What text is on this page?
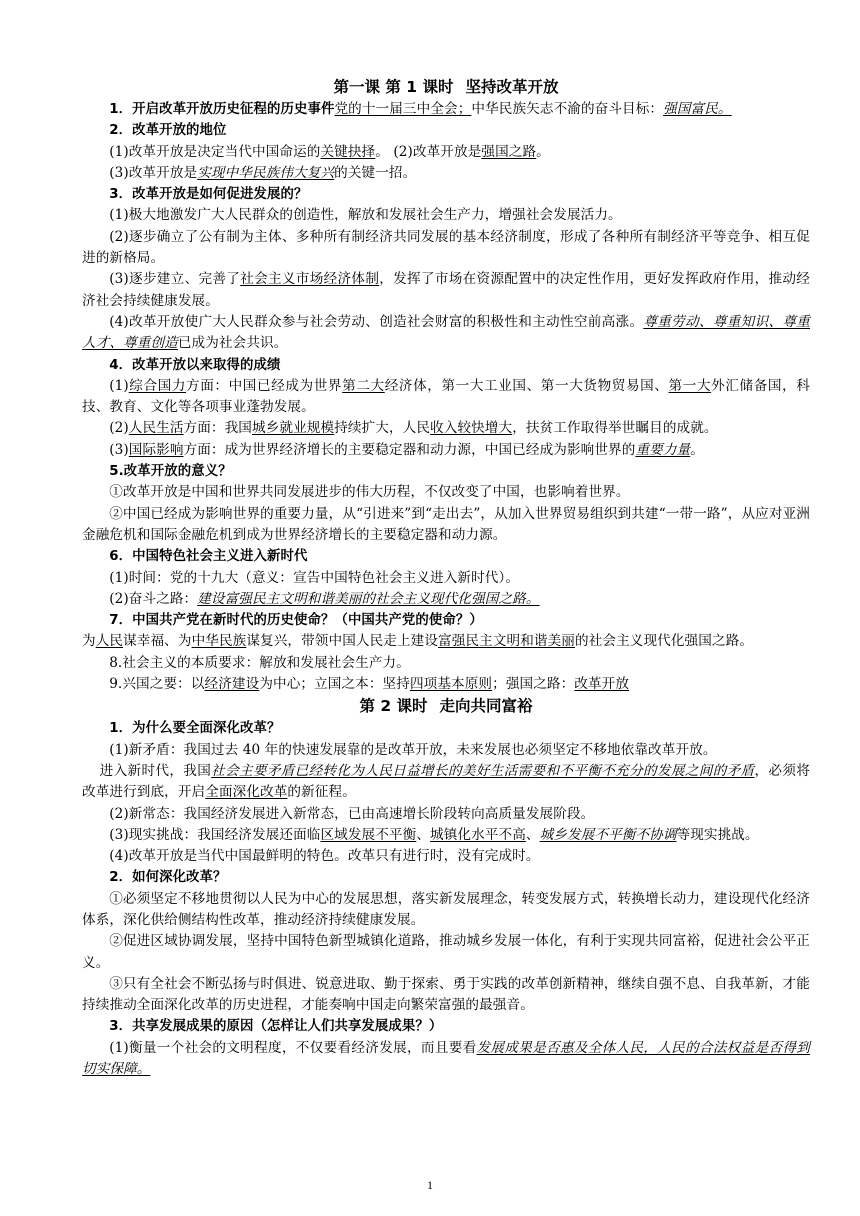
第一课 第 1 课时 坚持改革开放

1．开启改革开放历史征程的历史事件党的十一届三中全会；中华民族矢志不渝的奋斗目标：强国富民。

2．改革开放的地位

(1)改革开放是决定当代中国命运的关键抉择。 (2)改革开放是强国之路。

(3)改革开放是实现中华民族伟大复兴的关键一招。

3．改革开放是如何促进发展的？

(1)极大地激发广大人民群众的创造性，解放和发展社会生产力，增强社会发展活力。

(2)逐步确立了公有制为主体、多种所有制经济共同发展的基本经济制度，形成了各种所有制经济平等竞争、相互促进的新格局。

(3)逐步建立、完善了社会主义市场经济体制，发挥了市场在资源配置中的决定性作用，更好发挥政府作用，推动经济社会持续健康发展。

(4)改革开放使广大人民群众参与社会劳动、创造社会财富的积极性和主动性空前高涨。尊重劳动、尊重知识、尊重人才、尊重创造已成为社会共识。

4．改革开放以来取得的成绩

(1)综合国力方面：中国已经成为世界第二大经济体，第一大工业国、第一大货物贸易国、第一大外汇储备国，科技、教育、文化等各项事业蓬勃发展。

(2)人民生活方面：我国城乡就业规模持续扩大，人民收入较快增大，扶贫工作取得举世瞩目的成就。

(3)国际影响方面：成为世界经济增长的主要稳定器和动力源，中国已经成为影响世界的重要力量。

5.改革开放的意义？

①改革开放是中国和世界共同发展进步的伟大历程，不仅改变了中国，也影响着世界。

②中国已经成为影响世界的重要力量，从“引进来”到“走出去”，从加入世界贸易组织到共建“一带一路”，从应对亚洲金融危机和国际金融危机到成为世界经济增长的主要稳定器和动力源。

6．中国特色社会主义进入新时代

(1)时间：党的十九大（意义：宣告中国特色社会主义进入新时代）。

(2)奋斗之路：建设富强民主文明和谐美丽的社会主义现代化强国之路。

7．中国共产党在新时代的历史使命？（中国共产党的使命？）

为人民谋幸福、为中华民族谋复兴，带领中国人民走上建设富强民主文明和谐美丽的社会主义现代化强国之路。

8.社会主义的本质要求：解放和发展社会生产力。

9.兴国之要：以经济建设为中心；立国之本：坚持四项基本原则；强国之路：改革开放

第 2 课时 走向共同富裕

1．为什么要全面深化改革？

(1)新矛盾：我国过去 40 年的快速发展靠的是改革开放，未来发展也必须坚定不移地依靠改革开放。

进入新时代，我国社会主要矛盾已经转化为人民日益增长的美好生活需要和不平衡不充分的发展之间的矛盾，必须将改革进行到底，开启全面深化改革的新征程。

(2)新常态：我国经济发展进入新常态，已由高速增长阶段转向高质量发展阶段。

(3)现实挑战：我国经济发展还面临区域发展不平衡、城镇化水平不高、城乡发展不平衡不协调等现实挑战。

(4)改革开放是当代中国最鲜明的特色。改革只有进行时，没有完成时。

2．如何深化改革？

①必须坚定不移地贯彻以人民为中心的发展思想，落实新发展理念，转变发展方式，转换增长动力，建设现代化经济体系，深化供给侧结构性改革，推动经济持续健康发展。

②促进区域协调发展，坚持中国特色新型城镇化道路，推动城乡发展一体化，有利于实现共同富裕，促进社会公平正义。

③只有全社会不断弘扬与时俱进、锐意进取、勤于探索、勇于实践的改革创新精神，继续自强不息、自我革新，才能持续推动全面深化改革的历史进程，才能奏响中国走向繁荣富强的最强音。

3．共享发展成果的原因（怎样让人们共享发展成果？）

(1)衡量一个社会的文明程度，不仅要看经济发展，而且要看发展成果是否惠及全体人民，人民的合法权益是否得到切实保障。

1
